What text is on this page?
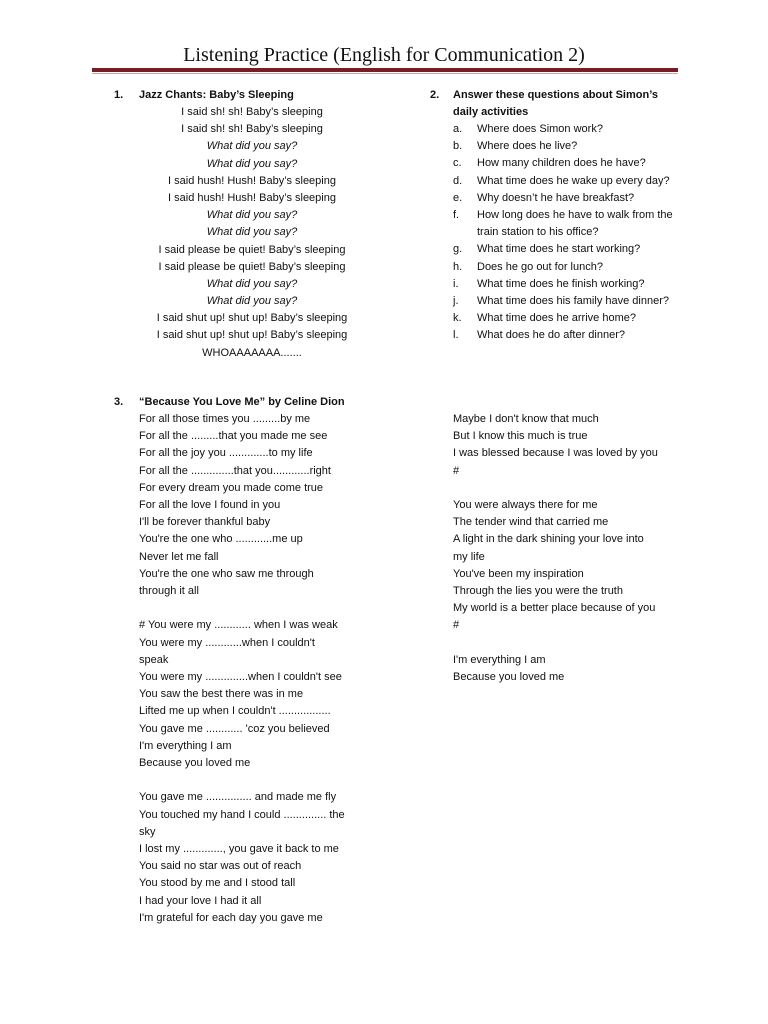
Listening Practice (English for Communication 2)
1. Jazz Chants: Baby’s Sleeping
I said sh! sh! Baby’s sleeping
I said sh! sh! Baby’s sleeping
What did you say?
What did you say?
I said hush! Hush! Baby’s sleeping
I said hush! Hush! Baby’s sleeping
What did you say?
What did you say?
I said please be quiet! Baby’s sleeping
I said please be quiet! Baby’s sleeping
What did you say?
What did you say?
I said shut up! shut up! Baby’s sleeping
I said shut up! shut up! Baby’s sleeping
WHOAAAAAAA.......
2. Answer these questions about Simon’s
daily activities
a. Where does Simon work?
b. Where does he live?
c. How many children does he have?
d. What time does he wake up every day?
e. Why doesn’t he have breakfast?
f. How long does he have to walk from the train station to his office?
g. What time does he start working?
h. Does he go out for lunch?
i. What time does he finish working?
j. What time does his family have dinner?
k. What time does he arrive home?
l. What does he do after dinner?
3. “Because You Love Me” by Celine Dion
For all those times you .........by me
For all the .........that you made me see
For all the joy you .............to my life
For all the ..............that you............right
For every dream you made come true
For all the love I found in you
I'll be forever thankful baby
You're the one who ............me up
Never let me fall
You're the one who saw me through
through it all
# You were my ............ when I was weak
You were my ............when I couldn't
speak
You were my ..............when I couldn't see
You saw the best there was in me
Lifted me up when I couldn't .................
You gave me ............ 'coz you believed
I'm everything I am
Because you loved me
You gave me ............... and made me fly
You touched my hand I could .............. the
sky
I lost my ............., you gave it back to me
You said no star was out of reach
You stood by me and I stood tall
I had your love I had it all
I'm grateful for each day you gave me
Maybe I don't know that much
But I know this much is true
I was blessed because I was loved by you
#
You were always there for me
The tender wind that carried me
A light in the dark shining your love into
my life
You've been my inspiration
Through the lies you were the truth
My world is a better place because of you
#
I'm everything I am
Because you loved me
